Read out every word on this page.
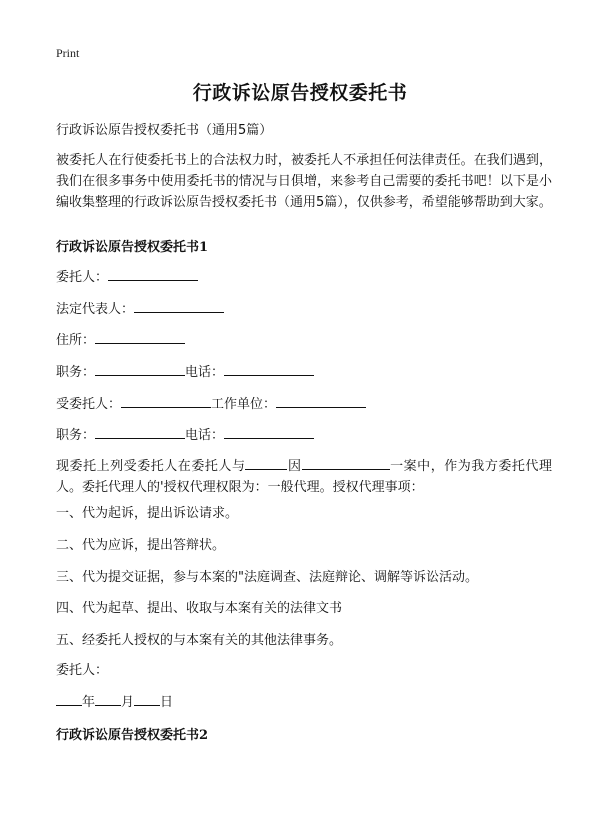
Print
行政诉讼原告授权委托书
行政诉讼原告授权委托书（通用5篇）
被委托人在行使委托书上的合法权力时，被委托人不承担任何法律责任。在我们遇到，我们在很多事务中使用委托书的情况与日俱增，来参考自己需要的委托书吧！以下是小编收集整理的行政诉讼原告授权委托书（通用5篇），仅供参考，希望能够帮助到大家。
行政诉讼原告授权委托书1
委托人：
法定代表人：
住所：
职务：	电话：
受委托人：	工作单位：
职务：	电话：
现委托上列受委托人在委托人与	因	一案中，作为我方委托代理人。委托代理人的'授权代理权限为：一般代理。授权代理事项：
一、代为起诉，提出诉讼请求。
二、代为应诉，提出答辩状。
三、代为提交证据，参与本案的"法庭调查、法庭辩论、调解等诉讼活动。
四、代为起草、提出、收取与本案有关的法律文书
五、经委托人授权的与本案有关的其他法律事务。
委托人：
年 月 日
行政诉讼原告授权委托书2
